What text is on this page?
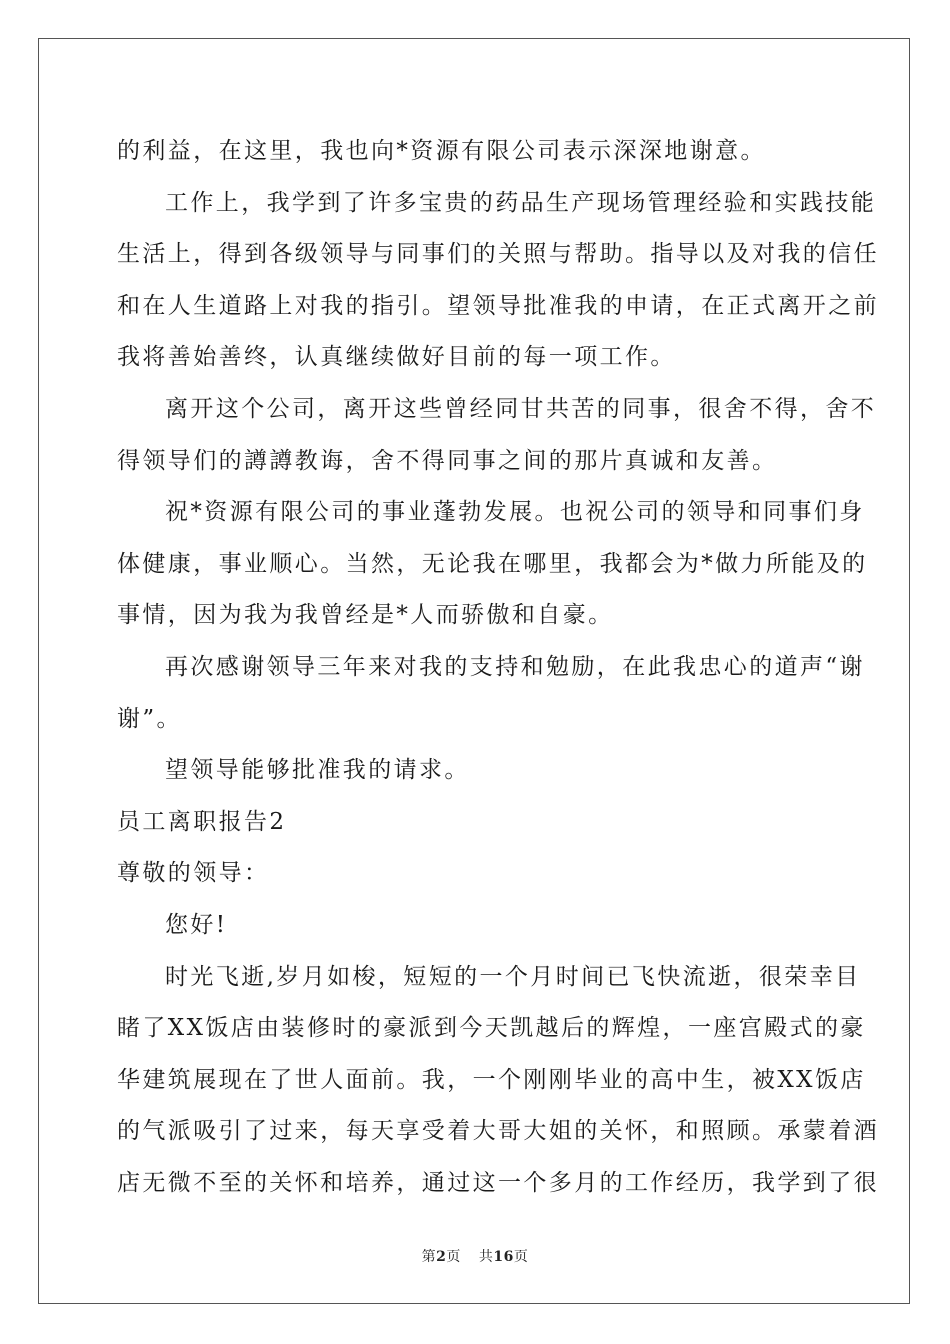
的利益，在这里，我也向*资源有限公司表示深深地谢意。
工作上，我学到了许多宝贵的药品生产现场管理经验和实践技能
生活上，得到各级领导与同事们的关照与帮助。指导以及对我的信任
和在人生道路上对我的指引。望领导批准我的申请，在正式离开之前
我将善始善终，认真继续做好目前的每一项工作。
离开这个公司，离开这些曾经同甘共苦的同事，很舍不得，舍不
得领导们的譐譐教诲，舍不得同事之间的那片真诚和友善。
祝*资源有限公司的事业蓬勃发展。也祝公司的领导和同事们身
体健康，事业顺心。当然，无论我在哪里，我都会为*做力所能及的
事情，因为我为我曾经是*人而骄傲和自豪。
再次感谢领导三年来对我的支持和勉励，在此我忠心的道声“谢
谢”。
望领导能够批准我的请求。
员工离职报告2
尊敬的领导：
您好!
时光飞逝,岁月如梭，短短的一个月时间已飞快流逝，很荣幸目
睹了XX饭店由装修时的豪派到今天凯越后的辉煌，一座宫殿式的豪
华建筑展现在了世人面前。我，一个刚刚毕业的高中生，被XX饭店
的气派吸引了过来，每天享受着大哥大姐的关怀，和照顾。承蒙着酒
店无微不至的关怀和培养，通过这一个多月的工作经历，我学到了很
第2页 共16页
